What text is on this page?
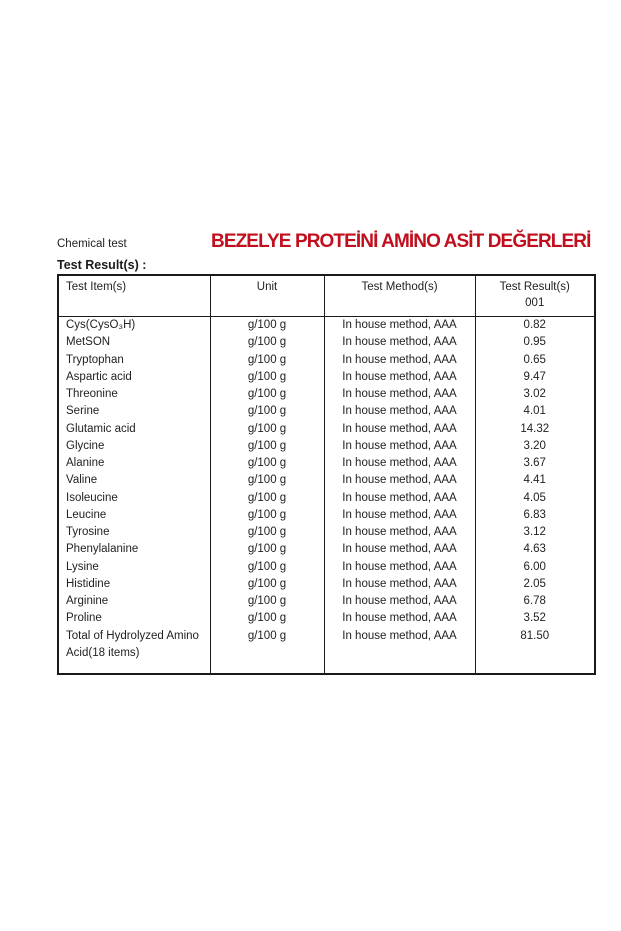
Chemical test	BEZELYE PROTEİNİ AMİNO ASİT DEĞERLERİ
Test Result(s) :
Test Item(s)	Unit	Test Method(s)	Test Result(s)
001

Cys(CysO₃H)	g/100 g	In house method, AAA	0.82
MetSON	g/100 g	In house method, AAA	0.95
Tryptophan	g/100 g	In house method, AAA	0.65
Aspartic acid	g/100 g	In house method, AAA	9.47
Threonine	g/100 g	In house method, AAA	3.02
Serine	g/100 g	In house method, AAA	4.01
Glutamic acid	g/100 g	In house method, AAA	14.32
Glycine	g/100 g	In house method, AAA	3.20
Alanine	g/100 g	In house method, AAA	3.67
Valine	g/100 g	In house method, AAA	4.41
Isoleucine	g/100 g	In house method, AAA	4.05
Leucine	g/100 g	In house method, AAA	6.83
Tyrosine	g/100 g	In house method, AAA	3.12
Phenylalanine	g/100 g	In house method, AAA	4.63
Lysine	g/100 g	In house method, AAA	6.00
Histidine	g/100 g	In house method, AAA	2.05
Arginine	g/100 g	In house method, AAA	6.78
Proline	g/100 g	In house method, AAA	3.52
Total of Hydrolyzed Amino Acid(18 items)	g/100 g	In house method, AAA	81.50
